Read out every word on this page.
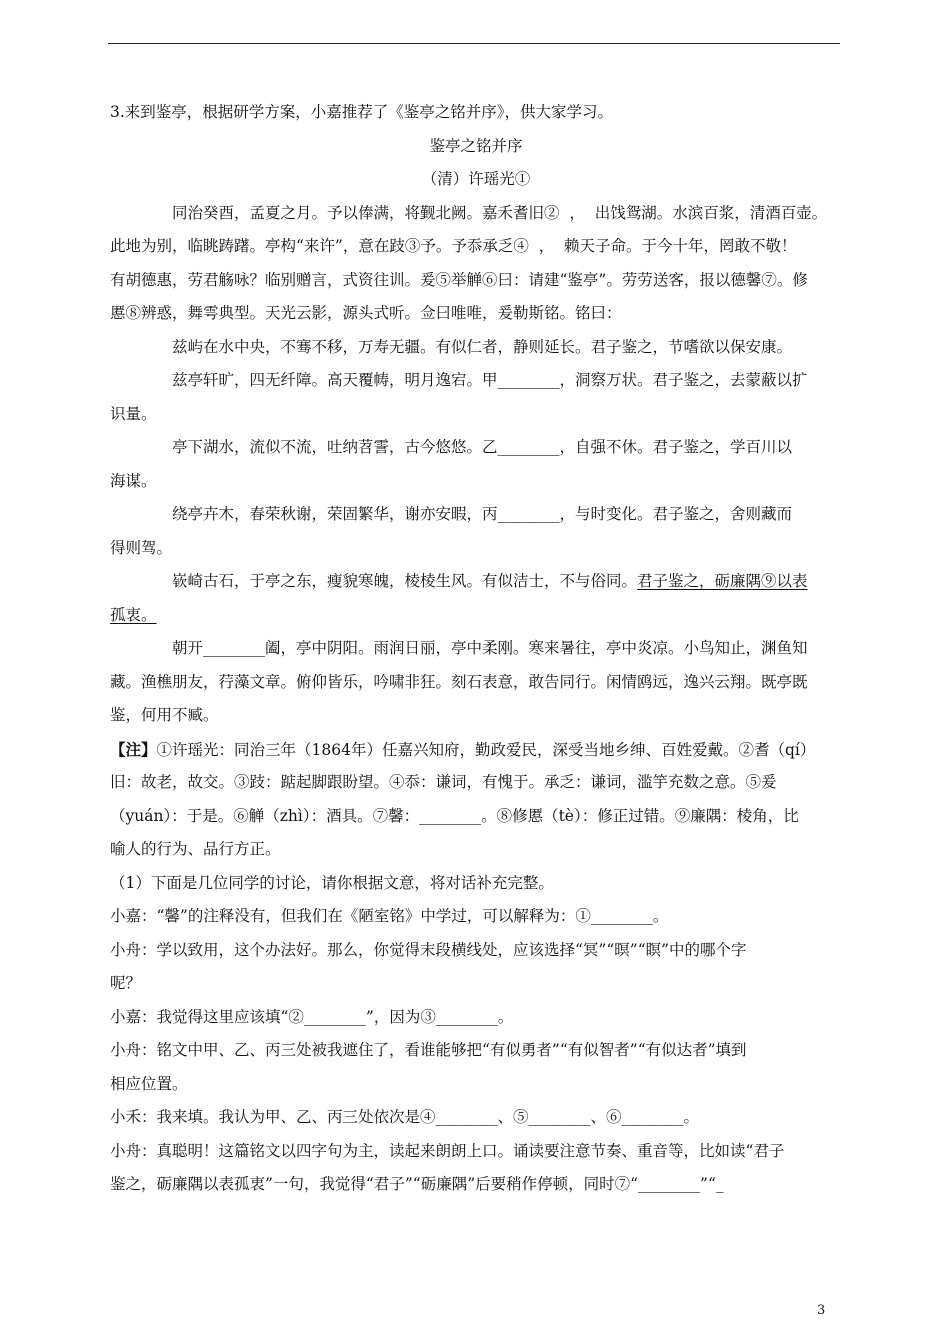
3.来到鉴亭，根据研学方案，小嘉推荐了《鉴亭之铭并序》，供大家学习。
鉴亭之铭并序
（清）许瑶光①
同治癸酉，孟夏之月。予以俸满，将觐北阙。嘉禾耆旧②  ，  出饯鸳湖。水滨百浆，清酒百壶。
此地为别，临眺踌躇。亭构“来许”，意在跂③予。予忝承乏④  ，  赖天子命。于今十年，罔敢不敬！
有胡德惠，劳君觞咏？临别赠言，式资往训。爰⑤举觯⑥曰：请建“鉴亭”。劳劳送客，报以德馨⑦。修
慝⑧辨惑，舞雩典型。天光云影，源头式听。佥曰唯唯，爰勒斯铭。铭曰：
兹屿在水中央，不骞不移，万寿无疆。有似仁者，静则延长。君子鉴之，节嗜欲以保安康。
兹亭轩旷，四无纤障。高天覆帱，明月逸宕。甲________，洞察万状。君子鉴之，去蒙蔽以扩
识量。
亭下湖水，流似不流，吐纳苕霅，古今悠悠。乙________，自强不休。君子鉴之，学百川以
海谋。
绕亭卉木，春荣秋谢，荣固繁华，谢亦安暇，丙________，与时变化。君子鉴之，舍则藏而
得则驾。
嵚崎古石，于亭之东，瘦貌寒魄，棱棱生风。有似洁士，不与俗同。君子鉴之，砺廉隅⑨以表
孤衷。
朝开________阖，亭中阴阳。雨润日丽，亭中柔刚。寒来暑往，亭中炎凉。小鸟知止，渊鱼知
藏。渔樵朋友，荇藻文章。俯仰皆乐，吟啸非狂。刻石表意，敢告同行。闲情鸥远，逸兴云翔。既亭既
鉴，何用不臧。
【注】①许瑶光：同治三年（1864年）任嘉兴知府，勤政爱民，深受当地乡绅、百姓爱戴。②耆（qí）
旧：故老，故交。③跂：踮起脚跟盼望。④忝：谦词，有愧于。承乏：谦词，滥竽充数之意。⑤爰
（yuán）：于是。⑥觯（zhì）：酒具。⑦馨：________。⑧修慝（tè）：修正过错。⑨廉隅：棱角，比
喻人的行为、品行方正。
（1）下面是几位同学的讨论，请你根据文意，将对话补充完整。
小嘉：“馨”的注释没有，但我们在《陋室铭》中学过，可以解释为：①________。
小舟：学以致用，这个办法好。那么，你觉得末段横线处，应该选择“冥”“暝”“瞑”中的哪个字
呢？
小嘉：我觉得这里应该填“②________”，因为③________。
小舟：铭文中甲、乙、丙三处被我遮住了，看谁能够把“有似勇者”“有似智者”“有似达者”填到
相应位置。
小禾：我来填。我认为甲、乙、丙三处依次是④________、⑤________、⑥________。
小舟：真聪明！这篇铭文以四字句为主，读起来朗朗上口。诵读要注意节奏、重音等，比如读“君子
鉴之，砺廉隅以表孤衷”一句，我觉得“君子”“砺廉隅”后要稍作停顿，同时⑦“________”“_
3
